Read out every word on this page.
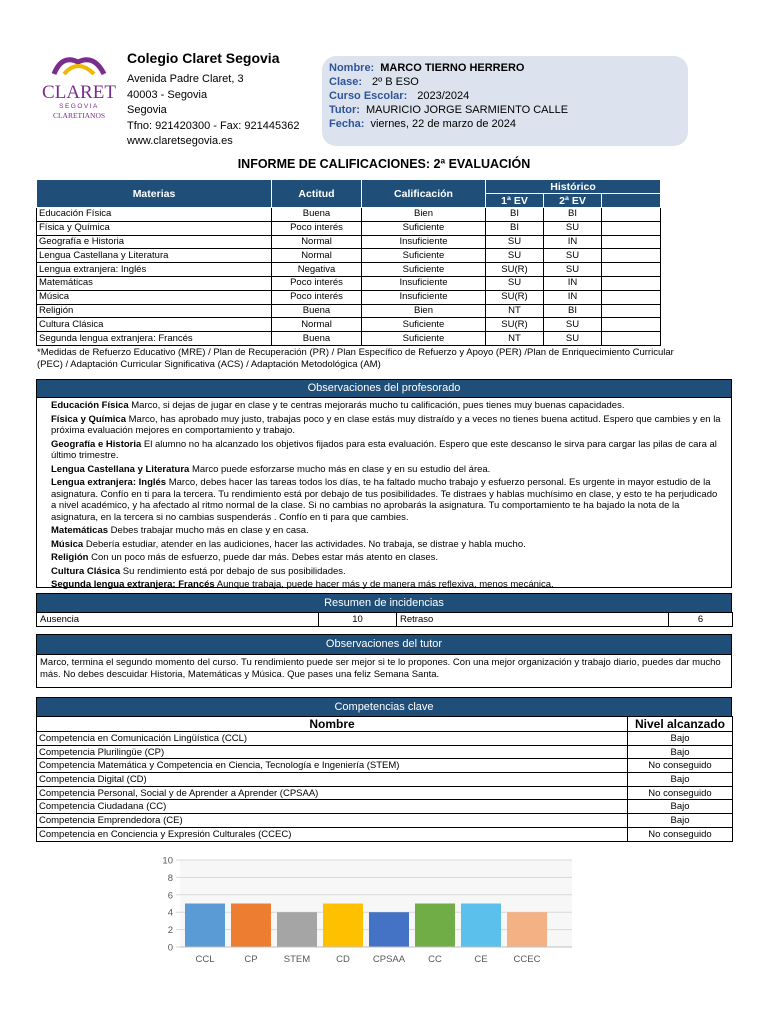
CLARET
SEGOVIA
CLARETIANOS
Colegio Claret Segovia
Avenida Padre Claret, 3
40003 - Segovia
Segovia
Tfno: 921420300 - Fax: 921445362
www.claretsegovia.es
Nombre: MARCO TIERNO HERRERO
Clase: 2º B ESO
Curso Escolar: 2023/2024
Tutor: MAURICIO JORGE SARMIENTO CALLE
Fecha: viernes, 22 de marzo de 2024
INFORME DE CALIFICACIONES: 2ª EVALUACIÓN
Materias	Actitud	Calificación	Histórico		
			1ª EV	2ª EV	
Educación Física	Buena	Bien	BI	BI	
Física y Química	Poco interés	Suficiente	BI	SU	
Geografía e Historia	Normal	Insuficiente	SU	IN	
Lengua Castellana y Literatura	Normal	Suficiente	SU	SU	
Lengua extranjera: Inglés	Negativa	Suficiente	SU(R)	SU	
Matemáticas	Poco interés	Insuficiente	SU	IN	
Música	Poco interés	Insuficiente	SU(R)	IN	
Religión	Buena	Bien	NT	BI	
Cultura Clásica	Normal	Suficiente	SU(R)	SU	
Segunda lengua extranjera: Francés	Buena	Suficiente	NT	SU	
*Medidas de Refuerzo Educativo (MRE) / Plan de Recuperación (PR) / Plan Específico de Refuerzo y Apoyo (PER) /Plan de Enriquecimiento Curricular (PEC) / Adaptación Curricular Significativa (ACS) / Adaptación Metodológica (AM)
Observaciones del profesorado
Educación Física Marco, si dejas de jugar en clase y te centras mejorarás mucho tu calificación, pues tienes muy buenas capacidades.
Física y Química Marco, has aprobado muy justo, trabajas poco y en clase estás muy distraído y a veces no tienes buena actitud. Espero que cambies y en la próxima evaluación mejores en comportamiento y trabajo.
Geografía e Historia El alumno no ha alcanzado los objetivos fijados para esta evaluación. Espero que este descanso le sirva para cargar las pilas de cara al último trimestre.
Lengua Castellana y Literatura Marco puede esforzarse mucho más en clase y en su estudio del área.
Lengua extranjera: Inglés Marco, debes hacer las tareas todos los días, te ha faltado mucho trabajo y esfuerzo personal. Es urgente in mayor estudio de la asignatura. Confío en ti para la tercera. Tu rendimiento está por debajo de tus posibilidades. Te distraes y hablas muchísimo en clase, y esto te ha perjudicado a nivel académico, y ha afectado al ritmo normal de la clase. Si no cambias no aprobarás la asignatura. Tu comportamiento te ha bajado la nota de la asignatura, en la tercera si no cambias suspenderás . Confío en ti para que cambies.
Matemáticas Debes trabajar mucho más en clase y en casa.
Música Debería estudiar, atender en las audiciones, hacer las actividades. No trabaja, se distrae y habla mucho.
Religión Con un poco más de esfuerzo, puede dar más. Debes estar más atento en clases.
Cultura Clásica Su rendimiento está por debajo de sus posibilidades.
Segunda lengua extranjera: Francés Aunque trabaja, puede hacer más y de manera más reflexiva, menos mecánica.
Resumen de incidencias
Ausencia	10	Retraso	6
Observaciones del tutor
Marco, termina el segundo momento del curso. Tu rendimiento puede ser mejor si te lo propones. Con una mejor organización y trabajo diario, puedes dar mucho más. No debes descuidar Historia, Matemáticas y Música. Que pases una feliz Semana Santa.
Competencias clave
Nombre	Nivel alcanzado
Competencia en Comunicación Lingüística (CCL)	Bajo
Competencia Plurilingüe (CP)	Bajo
Competencia Matemática y Competencia en Ciencia, Tecnología e Ingeniería (STEM)	No conseguido
Competencia Digital (CD)	Bajo
Competencia Personal, Social y de Aprender a Aprender (CPSAA)	No conseguido
Competencia Ciudadana (CC)	Bajo
Competencia Emprendedora (CE)	Bajo
Competencia en Conciencia y Expresión Culturales (CCEC)	No conseguido
0
2
4
6
8
10
CCL	CP	STEM	CD CPSAA CC	CE	CCEC
